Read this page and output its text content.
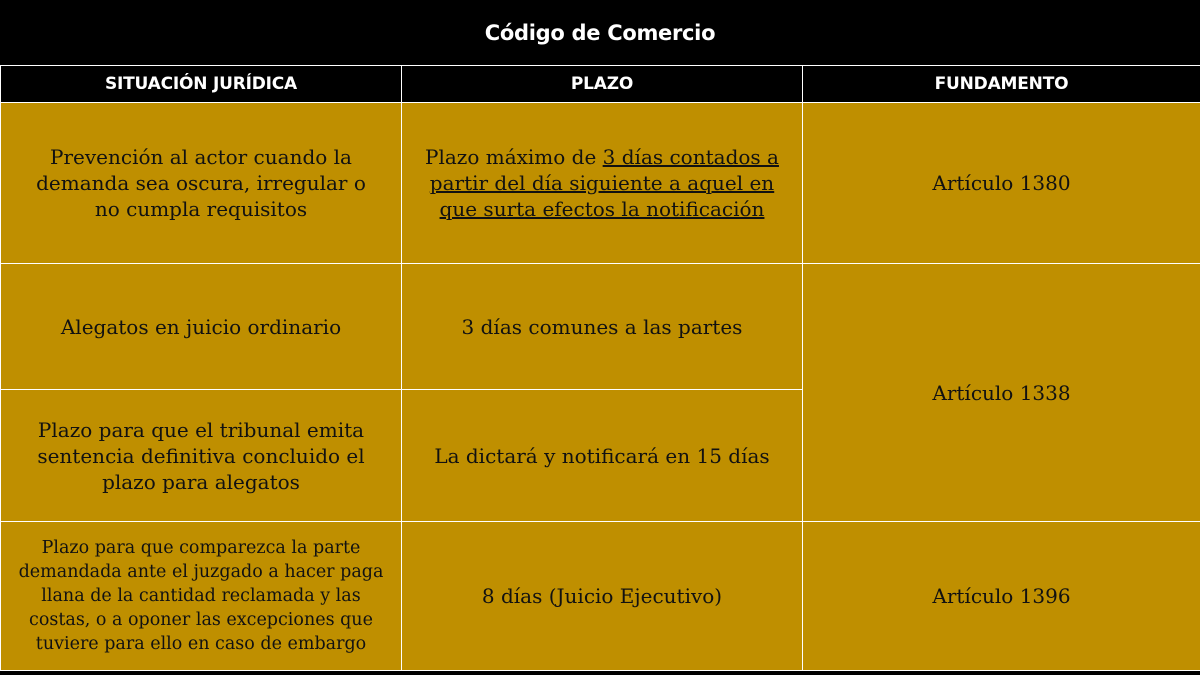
Código de Comercio
SITUACIÓN JURÍDICA	PLAZO	FUNDAMENTO
Prevención al actor cuando la demanda sea oscura, irregular o no cumpla requisitos	Plazo máximo de 3 días contados a partir del día siguiente a aquel en que surta efectos la notificación	Artículo 1380
Alegatos en juicio ordinario	3 días comunes a las partes	Artículo 1338
Plazo para que el tribunal emita sentencia definitiva concluido el plazo para alegatos	La dictará y notificará en 15 días	
Plazo para que comparezca la parte demandada ante el juzgado a hacer paga llana de la cantidad reclamada y las costas, o a oponer las excepciones que tuviere para ello en caso de embargo	8 días (Juicio Ejecutivo)	Artículo 1396
